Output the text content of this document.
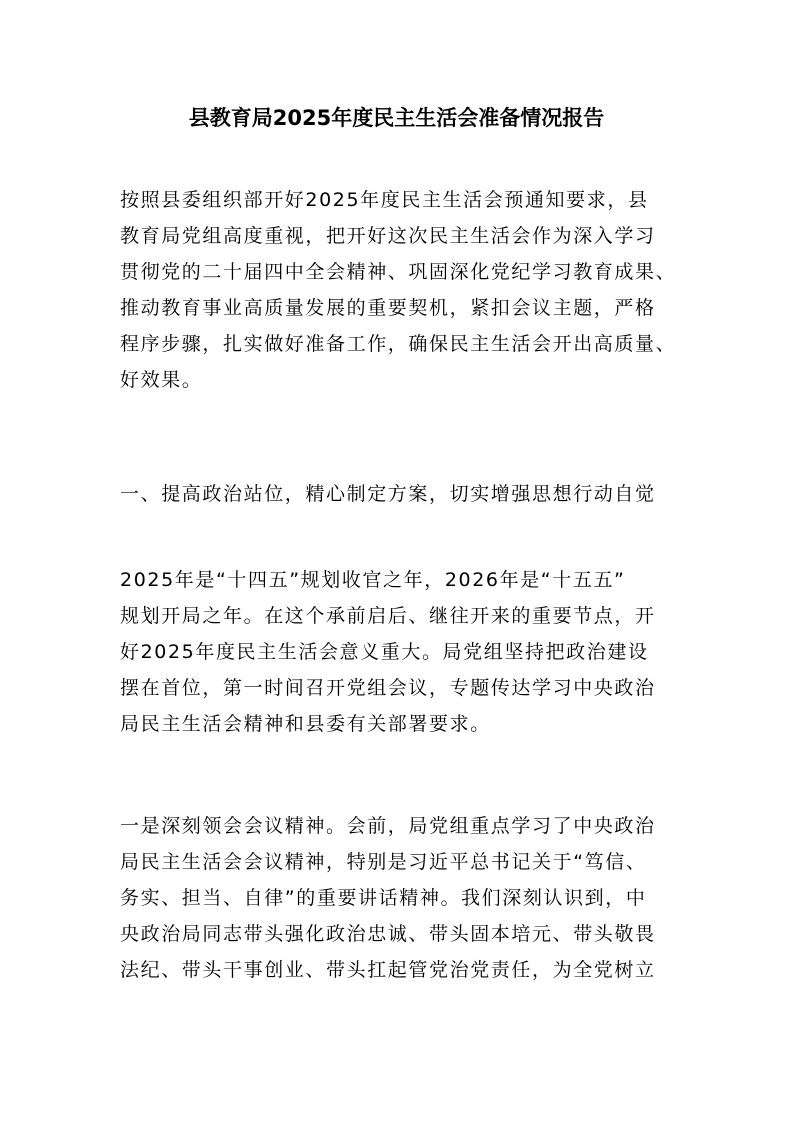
县教育局2025年度民主生活会准备情况报告
按照县委组织部开好2025年度民主生活会预通知要求，县
教育局党组高度重视，把开好这次民主生活会作为深入学习
贯彻党的二十届四中全会精神、巩固深化党纪学习教育成果、
推动教育事业高质量发展的重要契机，紧扣会议主题，严格
程序步骤，扎实做好准备工作，确保民主生活会开出高质量、
好效果。
一、提高政治站位，精心制定方案，切实增强思想行动自觉
2025年是“十四五”规划收官之年，2026年是“十五五”
规划开局之年。在这个承前启后、继往开来的重要节点，开
好2025年度民主生活会意义重大。局党组坚持把政治建设
摆在首位，第一时间召开党组会议，专题传达学习中央政治
局民主生活会精神和县委有关部署要求。
一是深刻领会会议精神。会前，局党组重点学习了中央政治
局民主生活会会议精神，特别是习近平总书记关于“笃信、
务实、担当、自律”的重要讲话精神。我们深刻认识到，中
央政治局同志带头强化政治忠诚、带头固本培元、带头敬畏
法纪、带头干事创业、带头扛起管党治党责任，为全党树立
